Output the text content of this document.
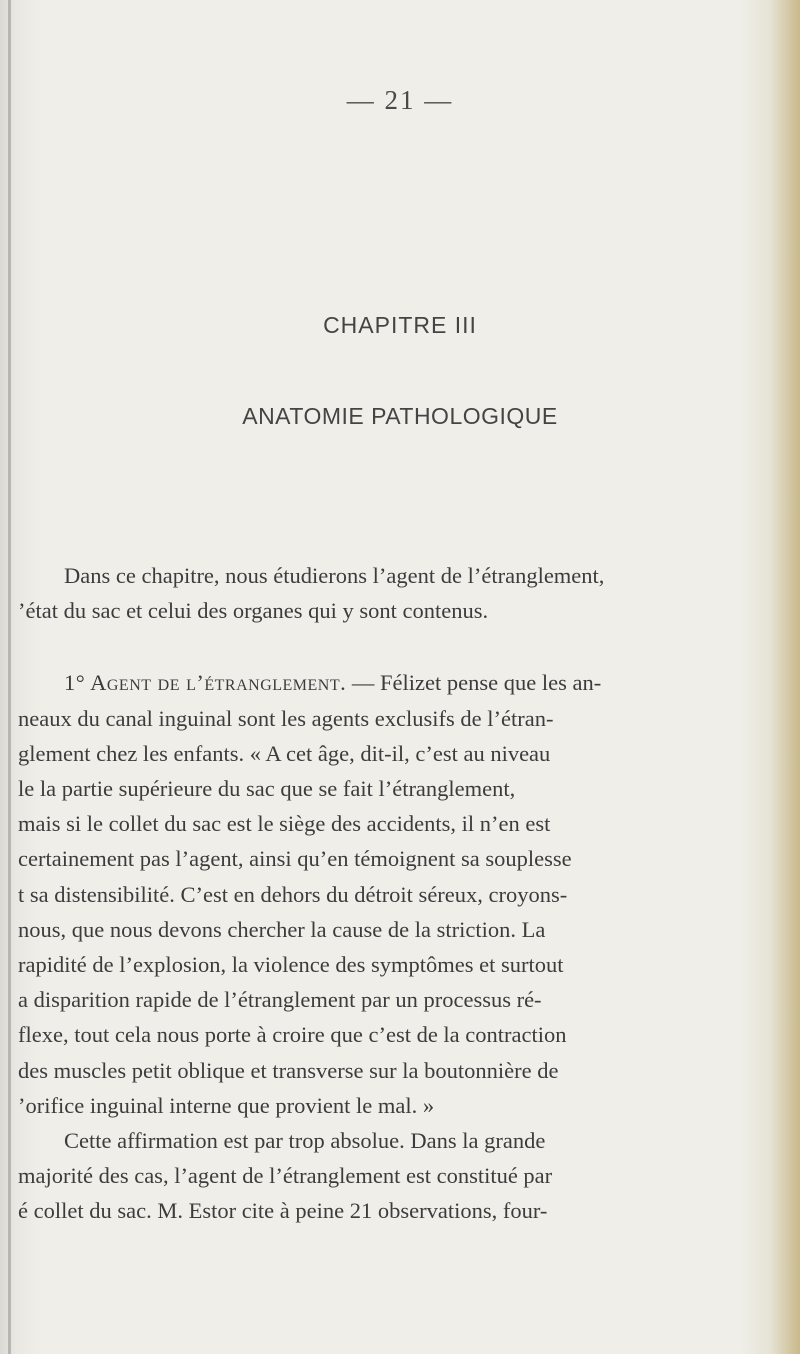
— 21 —
CHAPITRE III
ANATOMIE PATHOLOGIQUE

Dans ce chapitre, nous étudierons l’agent de l’étranglement,
’état du sac et celui des organes qui y sont contenus.

1° Agent de l’étranglement. — Félizet pense que les an-
neaux du canal inguinal sont les agents exclusifs de l’étran-
glement chez les enfants. « A cet âge, dit-il, c’est au niveau
le la partie supérieure du sac que se fait l’étranglement,
mais si le collet du sac est le siège des accidents, il n’en est
certainement pas l’agent, ainsi qu’en témoignent sa souplesse
t sa distensibilité. C’est en dehors du détroit séreux, croyons-
nous, que nous devons chercher la cause de la striction. La
rapidité de l’explosion, la violence des symptômes et surtout
a disparition rapide de l’étranglement par un processus ré-
flexe, tout cela nous porte à croire que c’est de la contraction
des muscles petit oblique et transverse sur la boutonnière de
’orifice inguinal interne que provient le mal. »

Cette affirmation est par trop absolue. Dans la grande
majorité des cas, l’agent de l’étranglement est constitué par
é collet du sac. M. Estor cite à peine 21 observations, four-
